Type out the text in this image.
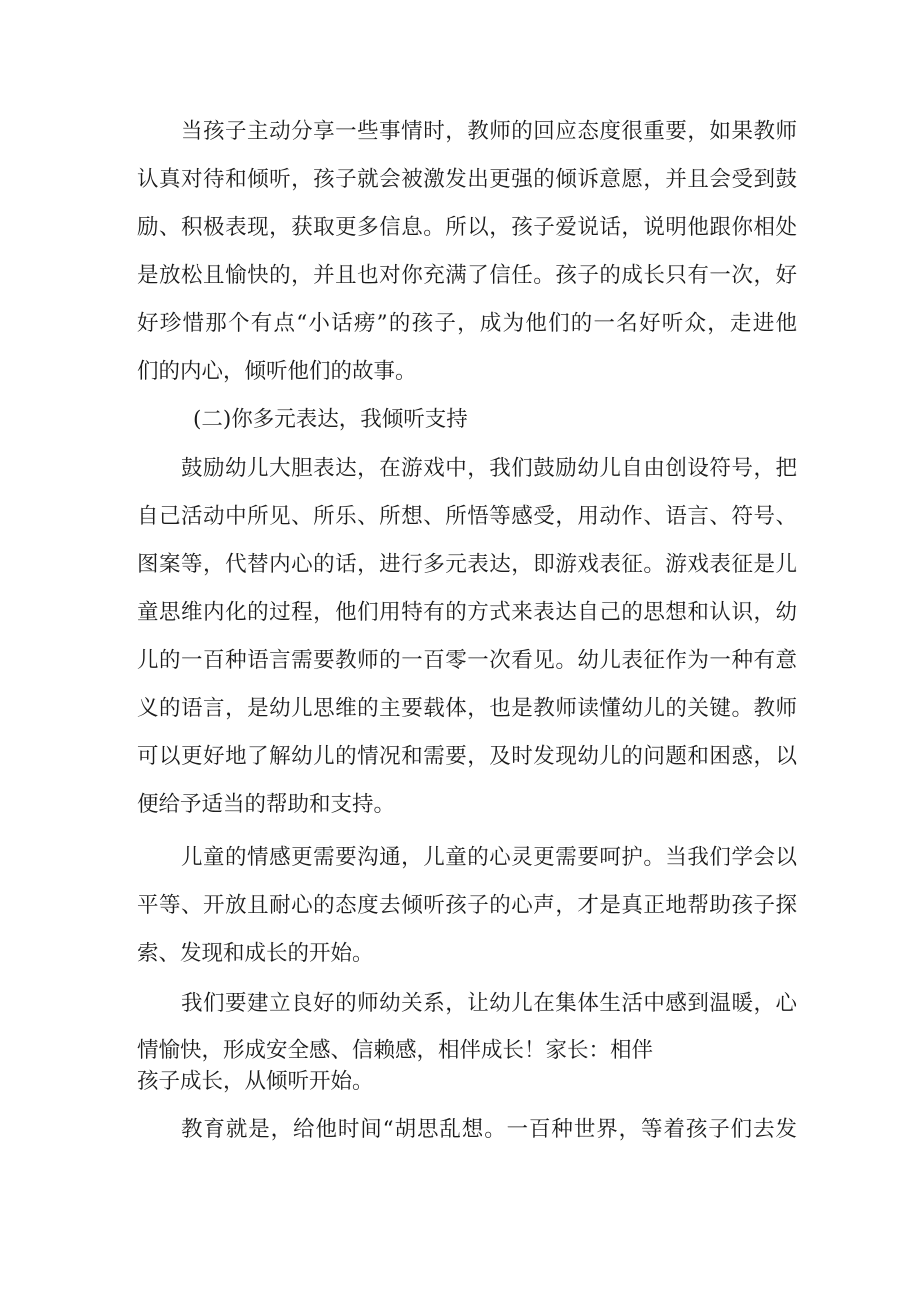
当孩子主动分享一些事情时，教师的回应态度很重要，如果教师
认真对待和倾听，孩子就会被激发出更强的倾诉意愿，并且会受到鼓
励、积极表现，获取更多信息。所以，孩子爱说话，说明他跟你相处
是放松且愉快的，并且也对你充满了信任。孩子的成长只有一次，好
好珍惜那个有点“小话痨”的孩子，成为他们的一名好听众，走进他
们的内心，倾听他们的故事。
(二)你多元表达，我倾听支持
鼓励幼儿大胆表达，在游戏中，我们鼓励幼儿自由创设符号，把
自己活动中所见、所乐、所想、所悟等感受，用动作、语言、符号、
图案等，代替内心的话，进行多元表达，即游戏表征。游戏表征是儿
童思维内化的过程，他们用特有的方式来表达自己的思想和认识，幼
儿的一百种语言需要教师的一百零一次看见。幼儿表征作为一种有意
义的语言，是幼儿思维的主要载体，也是教师读懂幼儿的关键。教师
可以更好地了解幼儿的情况和需要，及时发现幼儿的问题和困惑，以
便给予适当的帮助和支持。
儿童的情感更需要沟通，儿童的心灵更需要呵护。当我们学会以
平等、开放且耐心的态度去倾听孩子的心声，才是真正地帮助孩子探
索、发现和成长的开始。
我们要建立良好的师幼关系，让幼儿在集体生活中感到温暖，心
情愉快，形成安全感、信赖感，相伴成长！家长：相伴
孩子成长，从倾听开始。
教育就是，给他时间“胡思乱想。一百种世界，等着孩子们去发
